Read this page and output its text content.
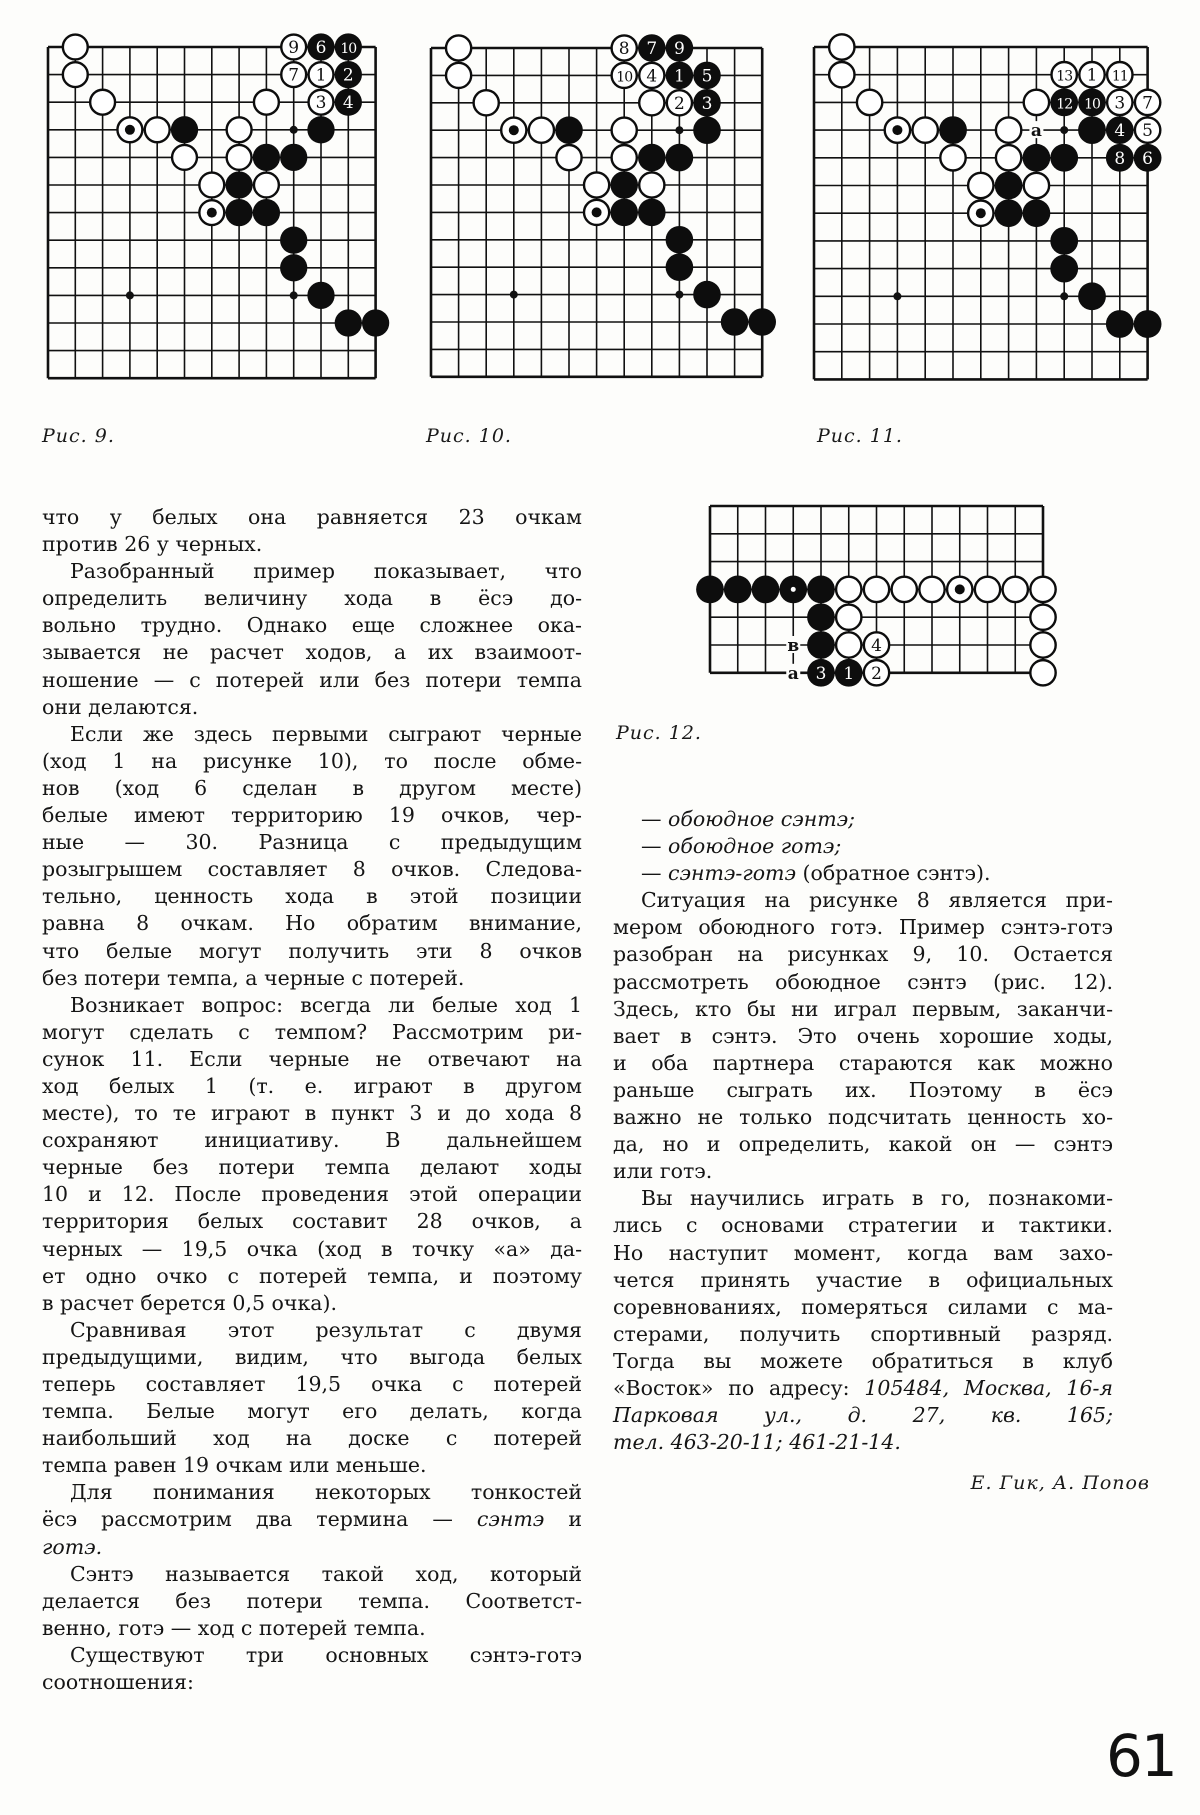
9 6 10
7 1 2
3 4
8 7 9
10 4 1 5
2 3
a
13 1 11
12 10 3 7
4 5
8 6
в
a
4
3 1 2
Рис. 9.	Рис. 10.	Рис. 11.
Рис. 12.
что у белых она равняется 23 очкам
против 26 у черных.
Разобранный пример показывает, что
определить величину хода в ёсэ до-
вольно трудно. Однако еще сложнее ока-
зывается не расчет ходов, а их взаимоот-
ношение — с потерей или без потери темпа
они делаются.
Если же здесь первыми сыграют черные
(ход 1 на рисунке 10), то после обме-
нов (ход 6 сделан в другом месте)
белые имеют территорию 19 очков, чер-
ные — 30. Разница с предыдущим
розыгрышем составляет 8 очков. Следова-
тельно, ценность хода в этой позиции
равна 8 очкам. Но обратим внимание,
что белые могут получить эти 8 очков
без потери темпа, а черные с потерей.
Возникает вопрос: всегда ли белые ход 1
могут сделать с темпом? Рассмотрим ри-
сунок 11. Если черные не отвечают на
ход белых 1 (т. е. играют в другом
месте), то те играют в пункт 3 и до хода 8
сохраняют инициативу. В дальнейшем
черные без потери темпа делают ходы
10 и 12. После проведения этой операции
территория белых составит 28 очков, а
черных — 19,5 очка (ход в точку «а» да-
ет одно очко с потерей темпа, и поэтому
в расчет берется 0,5 очка).
Сравнивая этот результат с двумя
предыдущими, видим, что выгода белых
теперь составляет 19,5 очка с потерей
темпа. Белые могут его делать, когда
наибольший ход на доске с потерей
темпа равен 19 очкам или меньше.
Для понимания некоторых тонкостей
ёсэ рассмотрим два термина — сэнтэ и
готэ.
Сэнтэ называется такой ход, который
делается без потери темпа. Соответст-
венно, готэ — ход с потерей темпа.
Существуют три основных сэнтэ-готэ
соотношения:
— обоюдное сэнтэ;
— обоюдное готэ;
— сэнтэ-готэ (обратное сэнтэ).
Ситуация на рисунке 8 является при-
мером обоюдного готэ. Пример сэнтэ-готэ
разобран на рисунках 9, 10. Остается
рассмотреть обоюдное сэнтэ (рис. 12).
Здесь, кто бы ни играл первым, заканчи-
вает в сэнтэ. Это очень хорошие ходы,
и оба партнера стараются как можно
раньше сыграть их. Поэтому в ёсэ
важно не только подсчитать ценность хо-
да, но и определить, какой он — сэнтэ
или готэ.
Вы научились играть в го, познакоми-
лись с основами стратегии и тактики.
Но наступит момент, когда вам захо-
чется принять участие в официальных
соревнованиях, померяться силами с ма-
стерами, получить спортивный разряд.
Тогда вы можете обратиться в клуб
«Восток» по адресу: 105484, Москва, 16-я
Парковая ул., д. 27, кв. 165;
тел. 463-20-11; 461-21-14.
Е. Гик, А. Попов
61
